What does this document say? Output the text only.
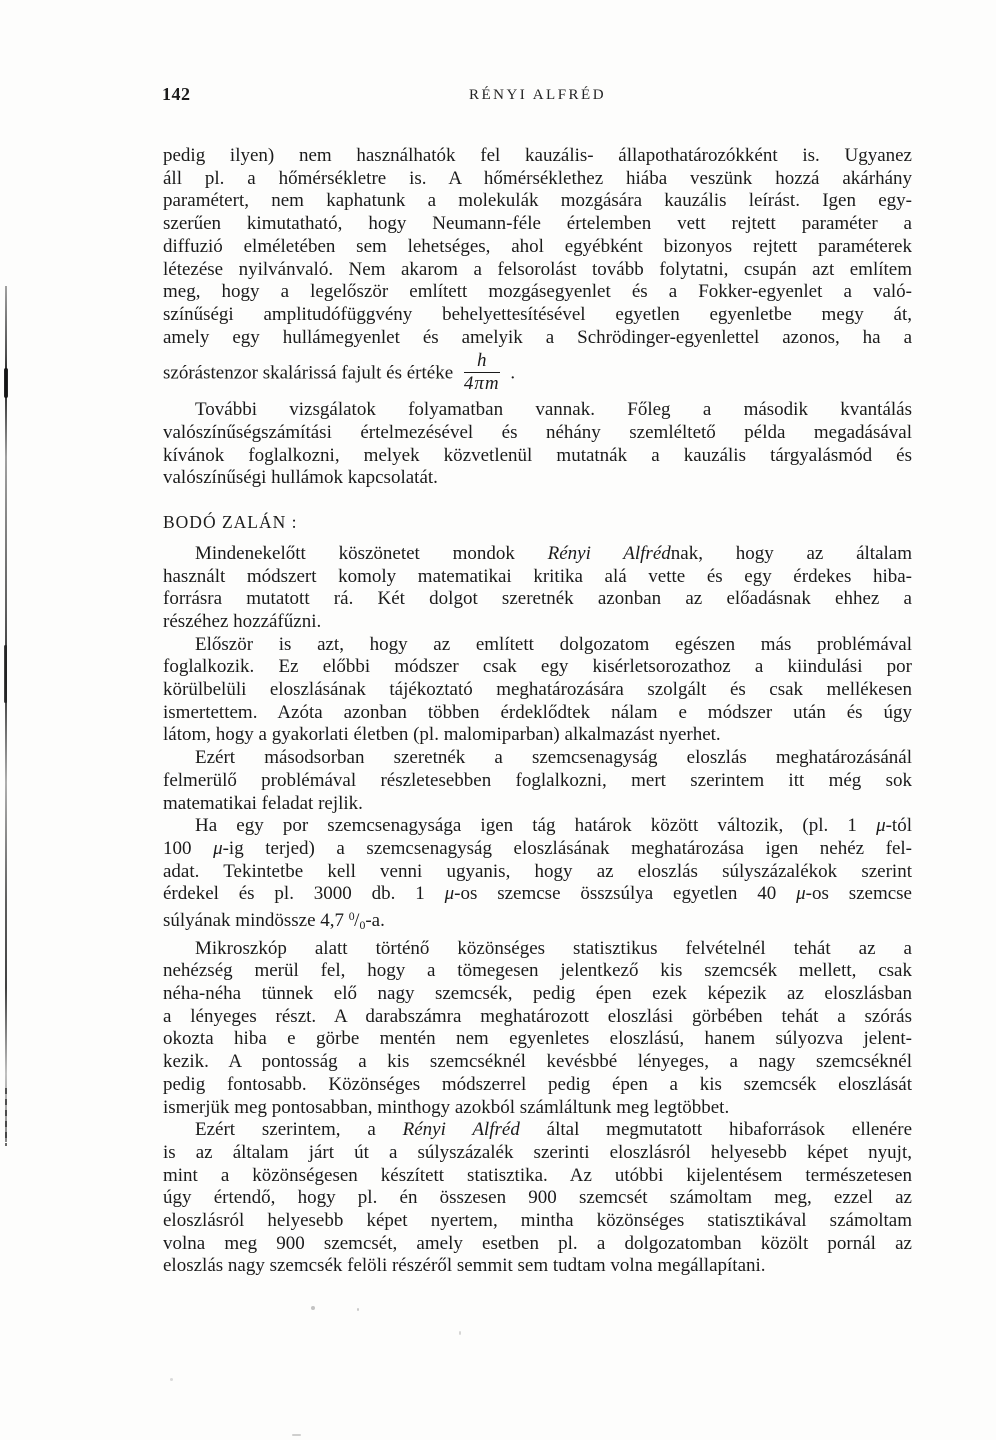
142	RÉNYI ALFRÉD
pedig ilyen) nem használhatók fel kauzális- állapothatározókként is. Ugyanez
áll pl. a hőmérsékletre is. A hőmérséklethez hiába veszünk hozzá akárhány
paramétert, nem kaphatunk a molekulák mozgására kauzális leírást. Igen egy-
szerűen kimutatható, hogy Neumann-féle értelemben vett rejtett paraméter a
diffuzió elméletében sem lehetséges, ahol egyébként bizonyos rejtett paraméterek
létezése nyilvánvaló. Nem akarom a felsorolást tovább folytatni, csupán azt említem
meg, hogy a legelőször említett mozgásegyenlet és a Fokker-egyenlet a való-
színűségi amplitudófüggvény behelyettesítésével egyetlen egyenletbe megy át,
amely egy hullámegyenlet és amelyik a Schrödinger-egyenlettel azonos, ha a
szórástenzor skalárissá fajult és értéke $\frac{h}{4\pi m}$ .
További vizsgálatok folyamatban vannak. Főleg a második kvantálás
valószínűségszámítási értelmezésével és néhány szemléltető példa megadásával
kívánok foglalkozni, melyek közvetlenül mutatnák a kauzális tárgyalásmód és
valószínűségi hullámok kapcsolatát.
BODÓ ZALÁN :
Mindenekelőtt köszönetet mondok Rényi Alfrédnak, hogy az általam
használt módszert komoly matematikai kritika alá vette és egy érdekes hiba-
forrásra mutatott rá. Két dolgot szeretnék azonban az előadásnak ehhez a
részéhez hozzáfűzni.
Először is azt, hogy az említett dolgozatom egészen más problémával
foglalkozik. Ez előbbi módszer csak egy kisérletsorozathoz a kiindulási por
körülbelüli eloszlásának tájékoztató meghatározására szolgált és csak mellékesen
ismertettem. Azóta azonban többen érdeklődtek nálam e módszer után és úgy
látom, hogy a gyakorlati életben (pl. malomiparban) alkalmazást nyerhet.
Ezért másodsorban szeretnék a szemcsenagyság eloszlás meghatározásánál
felmerülő problémával részletesebben foglalkozni, mert szerintem itt még sok
matematikai feladat rejlik.
Ha egy por szemcsenagysága igen tág határok között változik, (pl. 1 μ-tól
100 μ-ig terjed) a szemcsenagyság eloszlásának meghatározása igen nehéz fel-
adat. Tekintetbe kell venni ugyanis, hogy az eloszlás súlyszázalékok szerint
érdekel és pl. 3000 db. 1 μ-os szemcse összsúlya egyetlen 40 μ-os szemcse
súlyának mindössze 4,7 $^0/_0-a$.
Mikroszkóp alatt történő közönséges statisztikus felvételnél tehát az a
nehézség merül fel, hogy a tömegesen jelentkező kis szemcsék mellett, csak
néha-néha tünnek elő nagy szemcsék, pedig épen ezek képezik az eloszlásban
a lényeges részt. A darabszámra meghatározott eloszlási görbében tehát a szórás
okozta hiba e görbe mentén nem egyenletes eloszlású, hanem súlyozva jelent-
kezik. A pontosság a kis szemcséknél kevésbbé lényeges, a nagy szemcséknél
pedig fontosabb. Közönséges módszerrel pedig épen a kis szemcsék eloszlását
ismerjük meg pontosabban, minthogy azokból számláltunk meg legtöbbet.
Ezért szerintem, a Rényi Alfréd által megmutatott hibaforrások ellenére
is az általam járt út a súlyszázalék szerinti eloszlásról helyesebb képet nyujt,
mint a közönségesen készített statisztika. Az utóbbi kijelentésem természetesen
úgy értendő, hogy pl. én összesen 900 szemcsét számoltam meg, ezzel az
eloszlásról helyesebb képet nyertem, mintha közönséges statisztikával számoltam
volna meg 900 szemcsét, amely esetben pl. a dolgozatomban közölt pornál az
eloszlás nagy szemcsék felöli részéről semmit sem tudtam volna megállapítani.
